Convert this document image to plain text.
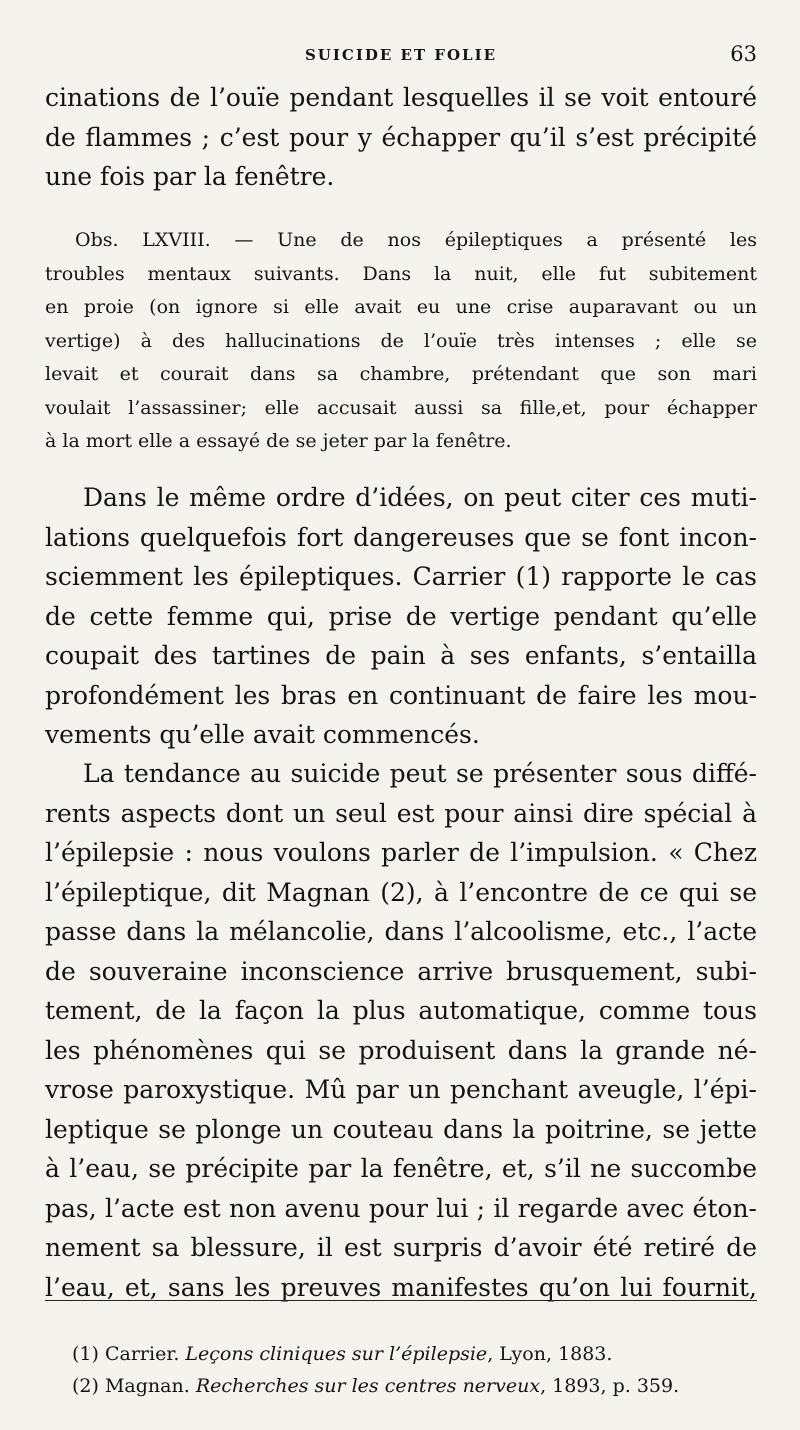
SUICIDE ET FOLIE	63
cinations de l’ouïe pendant lesquelles il se voit entouré
de flammes ; c’est pour y échapper qu’il s’est précipité
une fois par la fenêtre.
Obs. LXVIII. — Une de nos épileptiques a présenté les
troubles mentaux suivants. Dans la nuit, elle fut subitement
en proie (on ignore si elle avait eu une crise auparavant ou un
vertige) à des hallucinations de l’ouïe très intenses ; elle se
levait et courait dans sa chambre, prétendant que son mari
voulait l’assassiner; elle accusait aussi sa fille,et, pour échapper
à la mort elle a essayé de se jeter par la fenêtre.
Dans le même ordre d’idées, on peut citer ces muti-
lations quelquefois fort dangereuses que se font incon-
sciemment les épileptiques. Carrier (1) rapporte le cas
de cette femme qui, prise de vertige pendant qu’elle
coupait des tartines de pain à ses enfants, s’entailla
profondément les bras en continuant de faire les mou-
vements qu’elle avait commencés.
La tendance au suicide peut se présenter sous diffé-
rents aspects dont un seul est pour ainsi dire spécial à
l’épilepsie : nous voulons parler de l’impulsion. « Chez
l’épileptique, dit Magnan (2), à l’encontre de ce qui se
passe dans la mélancolie, dans l’alcoolisme, etc., l’acte
de souveraine inconscience arrive brusquement, subi-
tement, de la façon la plus automatique, comme tous
les phénomènes qui se produisent dans la grande né-
vrose paroxystique. Mû par un penchant aveugle, l’épi-
leptique se plonge un couteau dans la poitrine, se jette
à l’eau, se précipite par la fenêtre, et, s’il ne succombe
pas, l’acte est non avenu pour lui ; il regarde avec éton-
nement sa blessure, il est surpris d’avoir été retiré de
l’eau, et, sans les preuves manifestes qu’on lui fournit,
(1) Carrier. Leçons cliniques sur l’épilepsie, Lyon, 1883.
(2) Magnan. Recherches sur les centres nerveux, 1893, p. 359.
